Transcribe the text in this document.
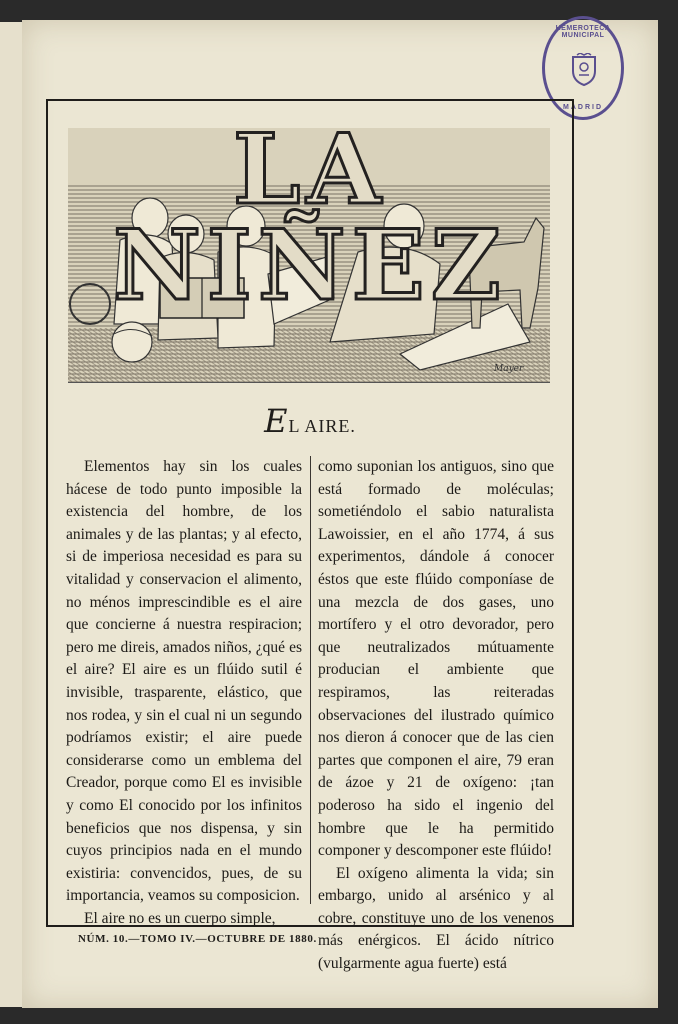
HEMEROTECA MUNICIPAL
MADRID
LA NIÑEZ
Mayer
EL AIRE.

Elementos hay sin los cuales hácese de todo punto imposible la existencia del hombre, de los animales y de las plantas; y al efecto, si de imperiosa necesidad es para su vitalidad y conservacion el alimento, no ménos imprescindible es el aire que concierne á nuestra respiracion; pero me direis, amados niños, ¿qué es el aire? El aire es un flúido sutil é invisible, trasparente, elástico, que nos rodea, y sin el cual ni un segundo podríamos existir; el aire puede considerarse como un emblema del Creador, porque como El es invisible y como El conocido por los infinitos beneficios que nos dispensa, y sin cuyos principios nada en el mundo existiria: convencidos, pues, de su importancia, veamos su composicion.

El aire no es un cuerpo simple,

como suponian los antiguos, sino que está formado de moléculas; sometiéndolo el sabio naturalista Lawoissier, en el año 1774, á sus experimentos, dándole á conocer éstos que este flúido componíase de una mezcla de dos gases, uno mortífero y el otro devorador, pero que neutralizados mútuamente producian el ambiente que respiramos, las reiteradas observaciones del ilustrado químico nos dieron á conocer que de las cien partes que componen el aire, 79 eran de ázoe y 21 de oxígeno: ¡tan poderoso ha sido el ingenio del hombre que le ha permitido componer y descomponer este flúido!

El oxígeno alimenta la vida; sin embargo, unido al arsénico y al cobre, constituye uno de los venenos más enérgicos. El ácido nítrico (vulgarmente agua fuerte) está

NÚM. 10.—TOMO IV.—OCTUBRE DE 1880.
